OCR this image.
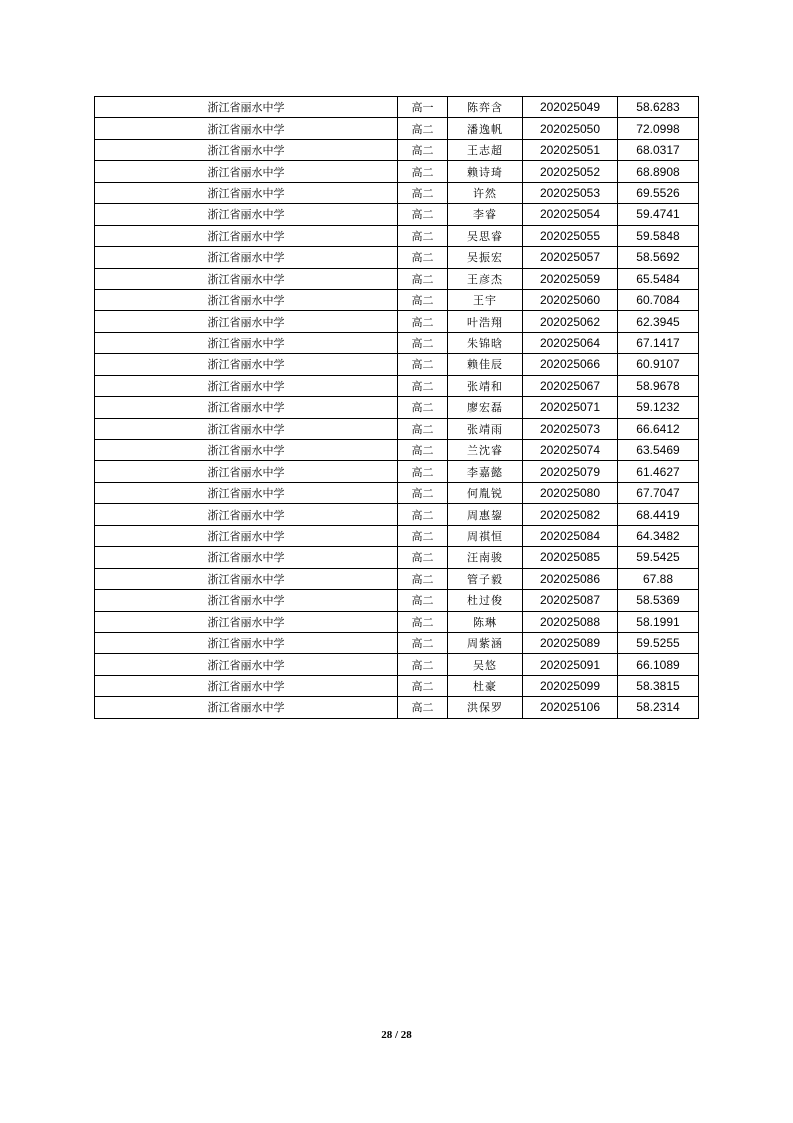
浙江省丽水中学	高一	陈弈含	202025049	58.6283
浙江省丽水中学	高二	潘逸帆	202025050	72.0998
浙江省丽水中学	高二	王志超	202025051	68.0317
浙江省丽水中学	高二	赖诗琦	202025052	68.8908
浙江省丽水中学	高二	许然	202025053	69.5526
浙江省丽水中学	高二	李睿	202025054	59.4741
浙江省丽水中学	高二	吴思睿	202025055	59.5848
浙江省丽水中学	高二	吴振宏	202025057	58.5692
浙江省丽水中学	高二	王彦杰	202025059	65.5484
浙江省丽水中学	高二	王宇	202025060	60.7084
浙江省丽水中学	高二	叶浩翔	202025062	62.3945
浙江省丽水中学	高二	朱锦晗	202025064	67.1417
浙江省丽水中学	高二	赖佳辰	202025066	60.9107
浙江省丽水中学	高二	张靖和	202025067	58.9678
浙江省丽水中学	高二	廖宏磊	202025071	59.1232
浙江省丽水中学	高二	张靖雨	202025073	66.6412
浙江省丽水中学	高二	兰沈睿	202025074	63.5469
浙江省丽水中学	高二	李嘉懿	202025079	61.4627
浙江省丽水中学	高二	何胤锐	202025080	67.7047
浙江省丽水中学	高二	周惠鋆	202025082	68.4419
浙江省丽水中学	高二	周祺恒	202025084	64.3482
浙江省丽水中学	高二	汪南骏	202025085	59.5425
浙江省丽水中学	高二	管子毅	202025086	67.88
浙江省丽水中学	高二	杜过俊	202025087	58.5369
浙江省丽水中学	高二	陈琳	202025088	58.1991
浙江省丽水中学	高二	周紫涵	202025089	59.5255
浙江省丽水中学	高二	吴悠	202025091	66.1089
浙江省丽水中学	高二	杜豪	202025099	58.3815
浙江省丽水中学	高二	洪保罗	202025106	58.2314
28 / 28
